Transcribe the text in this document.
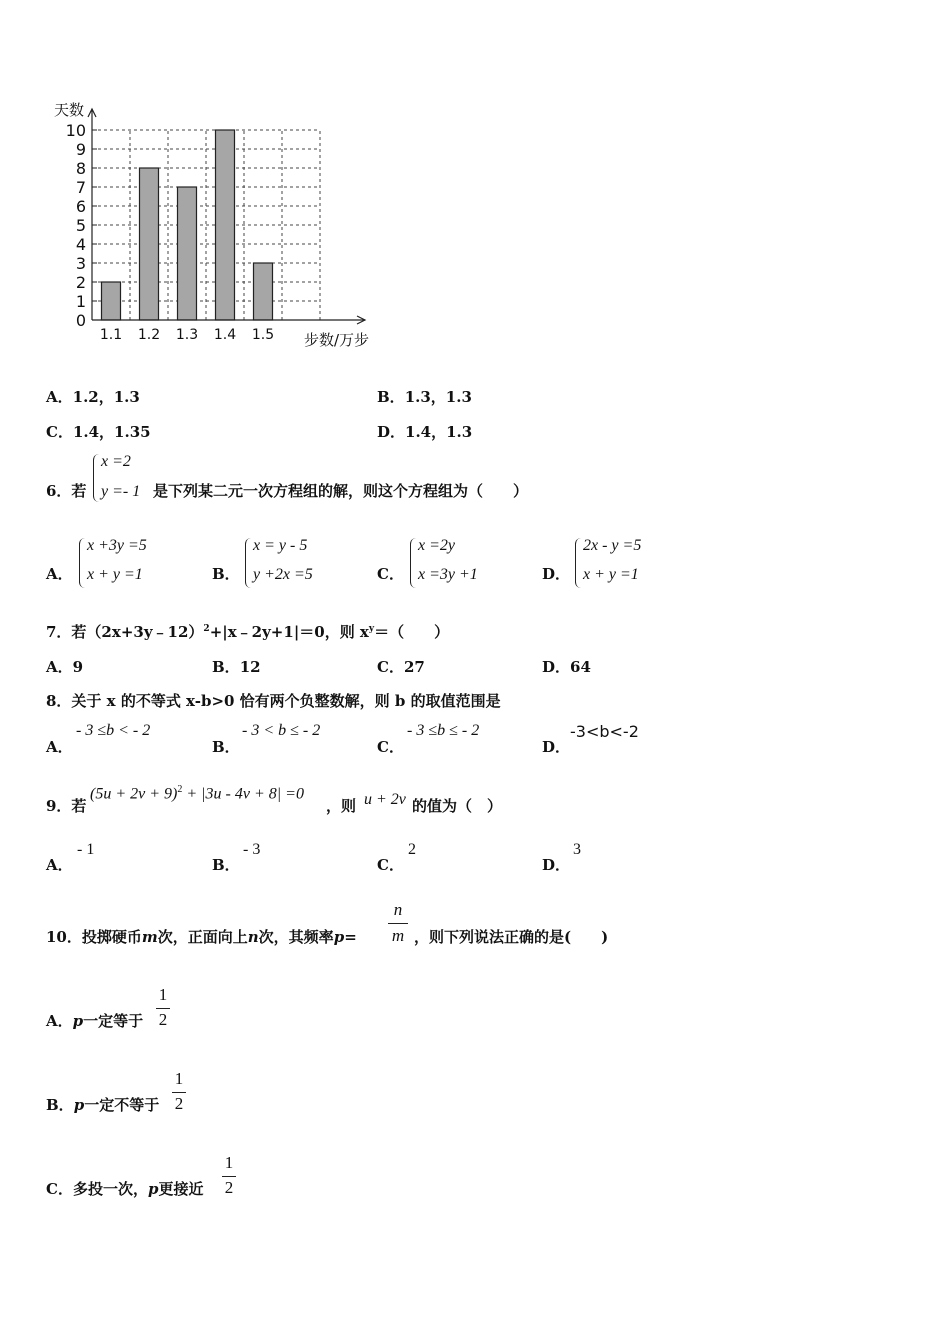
0
1
2
3
4
5
6
7
8
9
10
1.1 1.2 1.3 1.4 1.5
天数
步数/万步
A．1.2，1.3	B．1.3，1.3
C．1.4，1.35	D．1.4，1.3
6．若
x =2
y =- 1 是下列某二元一次方程组的解，则这个方程组为（　　）
A．
x +3y =5
x + y =1	B．
x = y - 5
y +2x =5	C．
x =2y
x =3y +1	D．
2x - y =5
x + y =1
7．若（2x+3y﹣12）$^2$+|x﹣2y+1|＝0，则 $x^y=$（　　）
A．9	B．12	C．27	D．64
8．关于 x 的不等式 x-b>0 恰有两个负整数解，则 b 的取值范围是
A．
- 3 ≤b < - 2
B．
- 3 < b ≤ - 2
C．
- 3 ≤b ≤ - 2
D．
-3<b<-2
9．若
$(5u + 2v + 9)^2 + |3u - 4v + 8| =0$
，则 u + 2v 的值为（　）
A．
- 1
B．
- 3
C．
2
D．
3
10．投掷硬币m次，正面向上n次，其频率p=
n
m ，则下列说法正确的是(　　)
A．p一定等于
1
2
B．p一定不等于
1
2
C．多投一次，p更接近
1
2
